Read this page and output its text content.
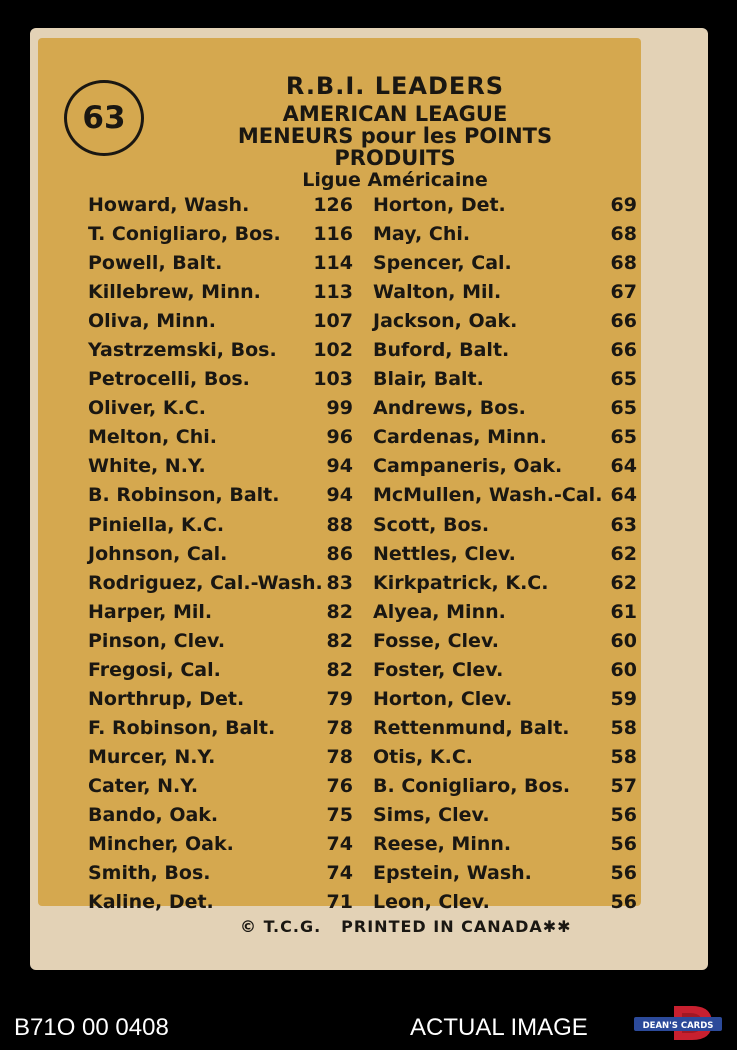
63
R.B.I. LEADERS
AMERICAN LEAGUE
MENEURS pour les POINTS
PRODUITS
Ligue Américaine
Howard, Wash.	126 Horton, Det.	69
T. Conigliaro, Bos.	116 May, Chi.	68
Powell, Balt.	114 Spencer, Cal.	68
Killebrew, Minn.	113 Walton, Mil.	67
Oliva, Minn.	107 Jackson, Oak.	66
Yastrzemski, Bos.	102 Buford, Balt.	66
Petrocelli, Bos.	103 Blair, Balt.	65
Oliver, K.C.	99 Andrews, Bos.	65
Melton, Chi.	96 Cardenas, Minn.	65
White, N.Y.	94 Campaneris, Oak.	64
B. Robinson, Balt.	94 McMullen, Wash.-Cal. 64
Piniella, K.C.	88 Scott, Bos.	63
Johnson, Cal.	86 Nettles, Clev.	62
Rodriguez, Cal.-Wash. 83 Kirkpatrick, K.C.	62
Harper, Mil.	82 Alyea, Minn.	61
Pinson, Clev.	82 Fosse, Clev.	60
Fregosi, Cal.	82 Foster, Clev.	60
Northrup, Det.	79 Horton, Clev.	59
F. Robinson, Balt.	78 Rettenmund, Balt.	58
Murcer, N.Y.	78 Otis, K.C.	58
Cater, N.Y.	76 B. Conigliaro, Bos.	57
Bando, Oak.	75 Sims, Clev.	56
Mincher, Oak.	74 Reese, Minn.	56
Smith, Bos.	74 Epstein, Wash.	56
Kaline, Det.	71 Leon, Clev.	56
© T.C.G. PRINTED IN CANADA✱✱
B71O 00 0408	ACTUAL IMAGE	DEAN'S CARDS
